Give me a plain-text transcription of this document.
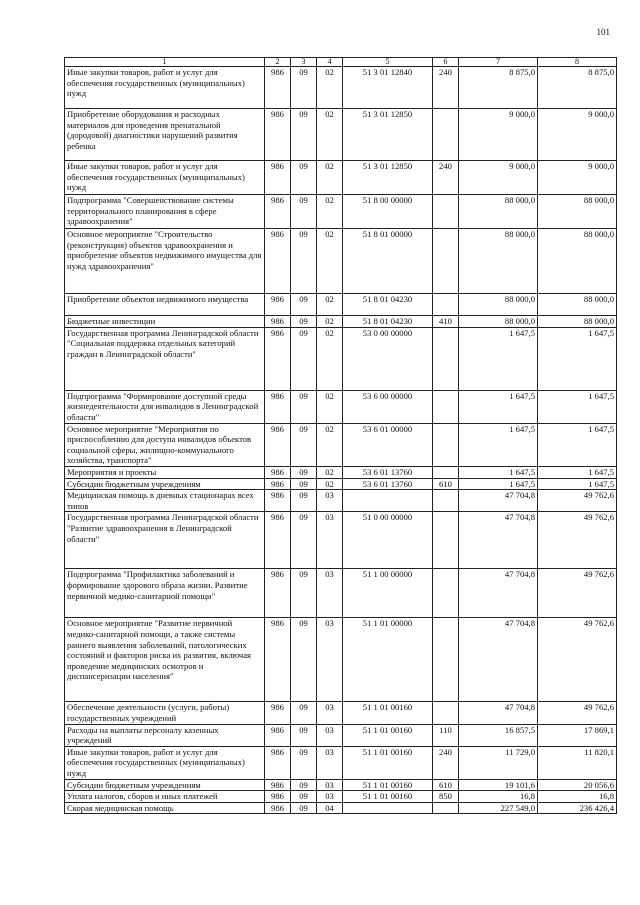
101
1	2	3	4	5	6	7	8
Иные закупки товаров, работ и услуг для обеспечения государственных (муниципальных) нужд	986	09	02	51 3 01 12840	240	8 875,0	8 875,0
Приобретение оборудования и расходных материалов для проведения пренатальной (дородовой) диагностики нарушений развития ребенка	986	09	02	51 3 01 12850		9 000,0	9 000,0
Иные закупки товаров, работ и услуг для обеспечения государственных (муниципальных) нужд	986	09	02	51 3 01 12850	240	9 000,0	9 000,0
Подпрограмма "Совершенствование системы территориального планирования в сфере здравоохранения"	986	09	02	51 8 00 00000		88 000,0	88 000,0
Основное мероприятие "Строительство (реконструкция) объектов здравоохранения и приобретение объектов недвижимого имущества для нужд здравоохранения"	986	09	02	51 8 01 00000		88 000,0	88 000,0
Приобретение объектов недвижимого имущества	986	09	02	51 8 01 04230		88 000,0	88 000,0
Бюджетные инвестиции	986	09	02	51 8 01 04230	410	88 000,0	88 000,0
Государственная программа Ленинградской области "Социальная поддержка отдельных категорий граждан в Ленинградской области"	986	09	02	53 0 00 00000		1 647,5	1 647,5
Подпрограмма "Формирование доступной среды жизнедеятельности для инвалидов в Ленинградской области"	986	09	02	53 6 00 00000		1 647,5	1 647,5
Основное мероприятие "Мероприятия по приспособлению для доступа инвалидов объектов социальной сферы, жилищно-коммунального хозяйства, транспорта"	986	09	02	53 6 01 00000		1 647,5	1 647,5
Мероприятия и проекты	986	09	02	53 6 01 13760		1 647,5	1 647,5
Субсидии бюджетным учреждениям	986	09	02	53 6 01 13760	610	1 647,5	1 647,5
Медицинская помощь в дневных стационарах всех типов	986	09	03			47 704,8	49 762,6
Государственная программа Ленинградской области "Развитие здравоохранения в Ленинградской области"	986	09	03	51 0 00 00000		47 704,8	49 762,6
Подпрограмма "Профилактика заболеваний и формирование здорового образа жизни. Развитие первичной медико-санитарной помощи"	986	09	03	51 1 00 00000		47 704,8	49 762,6
Основное мероприятие "Развитие первичной медико-санитарной помощи, а также системы раннего выявления заболеваний, патологических состояний и факторов риска их развития, включая проведение медицинских осмотров и диспансеризации населения"	986	09	03	51 1 01 00000		47 704,8	49 762,6
Обеспечение деятельности (услуги, работы) государственных учреждений	986	09	03	51 1 01 00160		47 704,8	49 762,6
Расходы на выплаты персоналу казенных учреждений	986	09	03	51 1 01 00160	110	16 857,5	17 869,1
Иные закупки товаров, работ и услуг для обеспечения государственных (муниципальных) нужд	986	09	03	51 1 01 00160	240	11 729,0	11 820,1
Субсидии бюджетным учреждениям	986	09	03	51 1 01 00160	610	19 101,6	20 056,6
Уплата налогов, сборов и иных платежей	986	09	03	51 1 01 00160	850	16,8	16,8
Скорая медицинская помощь	986	09	04			227 549,0	236 426,4
